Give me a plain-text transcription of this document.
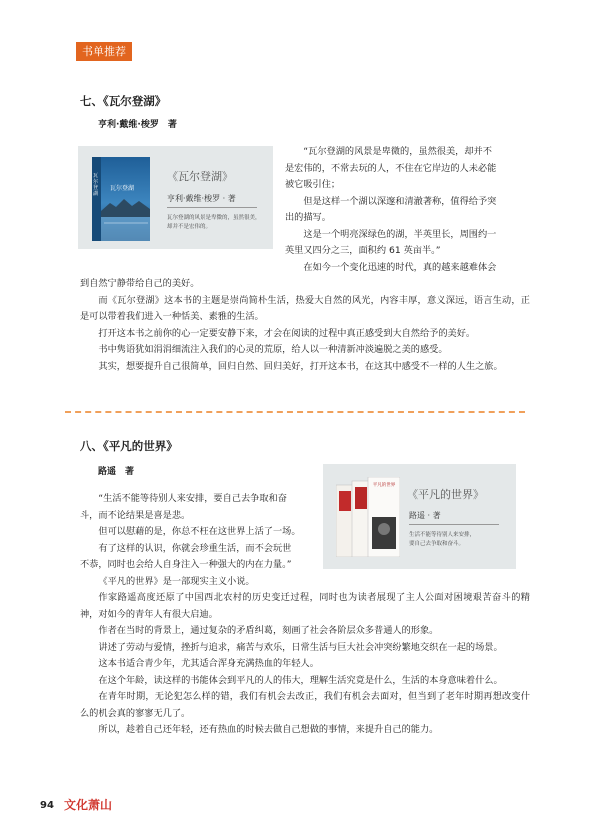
书单推荐
七、《瓦尔登湖》
亨利·戴维·梭罗　著
瓦尔登湖
瓦尔登湖
《瓦尔登湖》
亨利·戴维·梭罗 · 著
瓦尔登湖的风景是卑微的，虽然很美，
却并不是宏伟的。

“瓦尔登湖的风景是卑微的，虽然很美，却并不

是宏伟的，不常去玩的人，不住在它岸边的人未必能

被它吸引住；

但是这样一个湖以深邃和清澈著称，值得给予突

出的描写。

这是一个明亮深绿色的湖，半英里长，周围约一

英里又四分之三，面积约 61 英亩半。”

在如今一个变化迅速的时代，真的越来越难体会

到自然宁静带给自己的美好。

而《瓦尔登湖》这本书的主题是崇尚简朴生活，热爱大自然的风光，内容丰厚，意义深远，语言生动，正是可以带着我们进入一种恬美、素雅的生活。

打开这本书之前你的心一定要安静下来，才会在阅读的过程中真正感受到大自然给予的美好。

书中隽语犹如涓涓细流注入我们的心灵的荒原，给人以一种清新冲淡遍脱之美的感受。

其实，想要提升自己很简单，回归自然、回归美好，打开这本书，在这其中感受不一样的人生之旅。

八、《平凡的世界》
路遥　著
平凡的世界
《平凡的世界》
路遥 · 著
生活不能等待别人来安排，
要自己去争取和奋斗。

“生活不能等待别人来安排，要自己去争取和奋

斗，而不论结果是喜是悲。

但可以慰藉的是，你总不枉在这世界上活了一场。

有了这样的认识，你就会珍重生活，而不会玩世

不恭，同时也会给人自身注入一种强大的内在力量。”

《平凡的世界》是一部现实主义小说。

作家路遥高度还原了中国西北农村的历史变迁过程，同时也为读者展现了主人公面对困境艰苦奋斗的精神，对如今的青年人有很大启迪。

作者在当时的背景上，通过复杂的矛盾纠葛，刻画了社会各阶层众多普通人的形象。

讲述了劳动与爱情，挫折与追求，痛苦与欢乐，日常生活与巨大社会冲突纷繁地交织在一起的场景。

这本书适合青少年，尤其适合浑身充满热血的年轻人。

在这个年龄，读这样的书能体会到平凡的人的伟大，理解生活究竟是什么，生活的本身意味着什么。

在青年时期，无论犯怎么样的错，我们有机会去改正，我们有机会去面对，但当到了老年时期再想改变什么的机会真的寥寥无几了。

所以，趁着自己还年轻，还有热血的时候去做自己想做的事情，来提升自己的能力。

94 文化萧山
